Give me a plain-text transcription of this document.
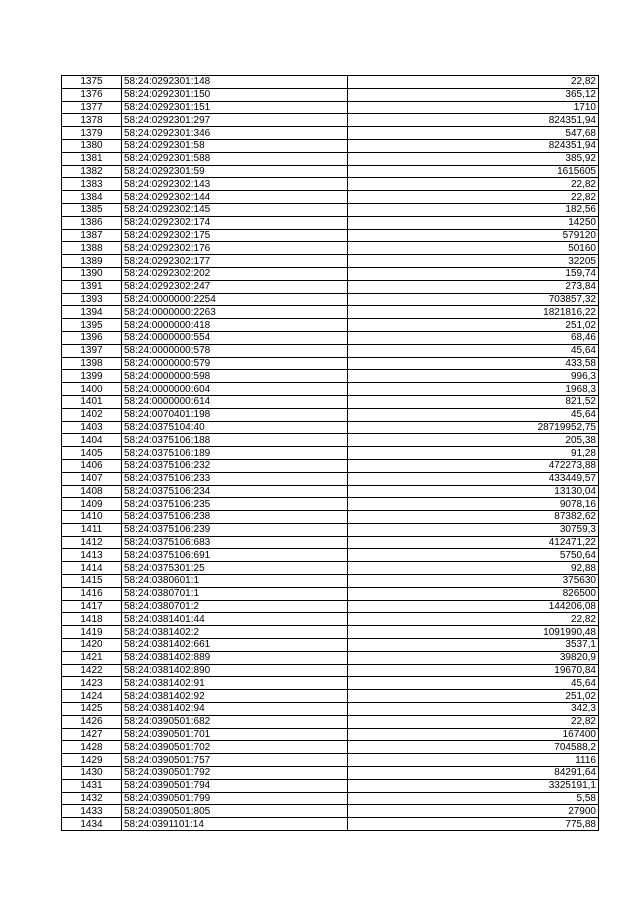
1375	58:24:0292301:148	22,82
1376	58:24:0292301:150	365,12
1377	58:24:0292301:151	1710
1378	58:24:0292301:297	824351,94
1379	58:24:0292301:346	547,68
1380	58:24:0292301:58	824351,94
1381	58:24:0292301:588	385,92
1382	58:24:0292301:59	1615605
1383	58:24:0292302:143	22,82
1384	58:24:0292302:144	22,82
1385	58:24:0292302:145	182,56
1386	58:24:0292302:174	14250
1387	58:24:0292302:175	579120
1388	58:24:0292302:176	50160
1389	58:24:0292302:177	32205
1390	58:24:0292302:202	159,74
1391	58:24:0292302:247	273,84
1393	58:24:0000000:2254	703857,32
1394	58:24:0000000:2263	1821816,22
1395	58:24:0000000:418	251,02
1396	58:24:0000000:554	68,46
1397	58:24:0000000:578	45,64
1398	58:24:0000000:579	433,58
1399	58:24:0000000:598	996,3
1400	58:24:0000000:604	1968,3
1401	58:24:0000000:614	821,52
1402	58:24:0070401:198	45,64
1403	58:24:0375104:40	28719952,75
1404	58:24:0375106:188	205,38
1405	58:24:0375106:189	91,28
1406	58:24:0375106:232	472273,88
1407	58:24:0375106:233	433449,57
1408	58:24:0375106:234	13130,04
1409	58:24:0375106:235	9078,16
1410	58:24:0375106:238	87382,62
1411	58:24:0375106:239	30759,3
1412	58:24:0375106:683	412471,22
1413	58:24:0375106:691	5750,64
1414	58:24:0375301:25	92,88
1415	58:24:0380601:1	375630
1416	58:24:0380701:1	826500
1417	58:24:0380701:2	144206,08
1418	58:24:0381401:44	22,82
1419	58:24:0381402:2	1091990,48
1420	58:24:0381402:661	3537,1
1421	58:24:0381402:889	39820,9
1422	58:24:0381402:890	19670,84
1423	58:24:0381402:91	45,64
1424	58:24:0381402:92	251,02
1425	58:24:0381402:94	342,3
1426	58:24:0390501:682	22,82
1427	58:24:0390501:701	167400
1428	58:24:0390501:702	704588,2
1429	58:24:0390501:757	1116
1430	58:24:0390501:792	84291,64
1431	58:24:0390501:794	3325191,1
1432	58:24:0390501:799	5,58
1433	58:24:0390501:805	27900
1434	58:24:0391101:14	775,88
